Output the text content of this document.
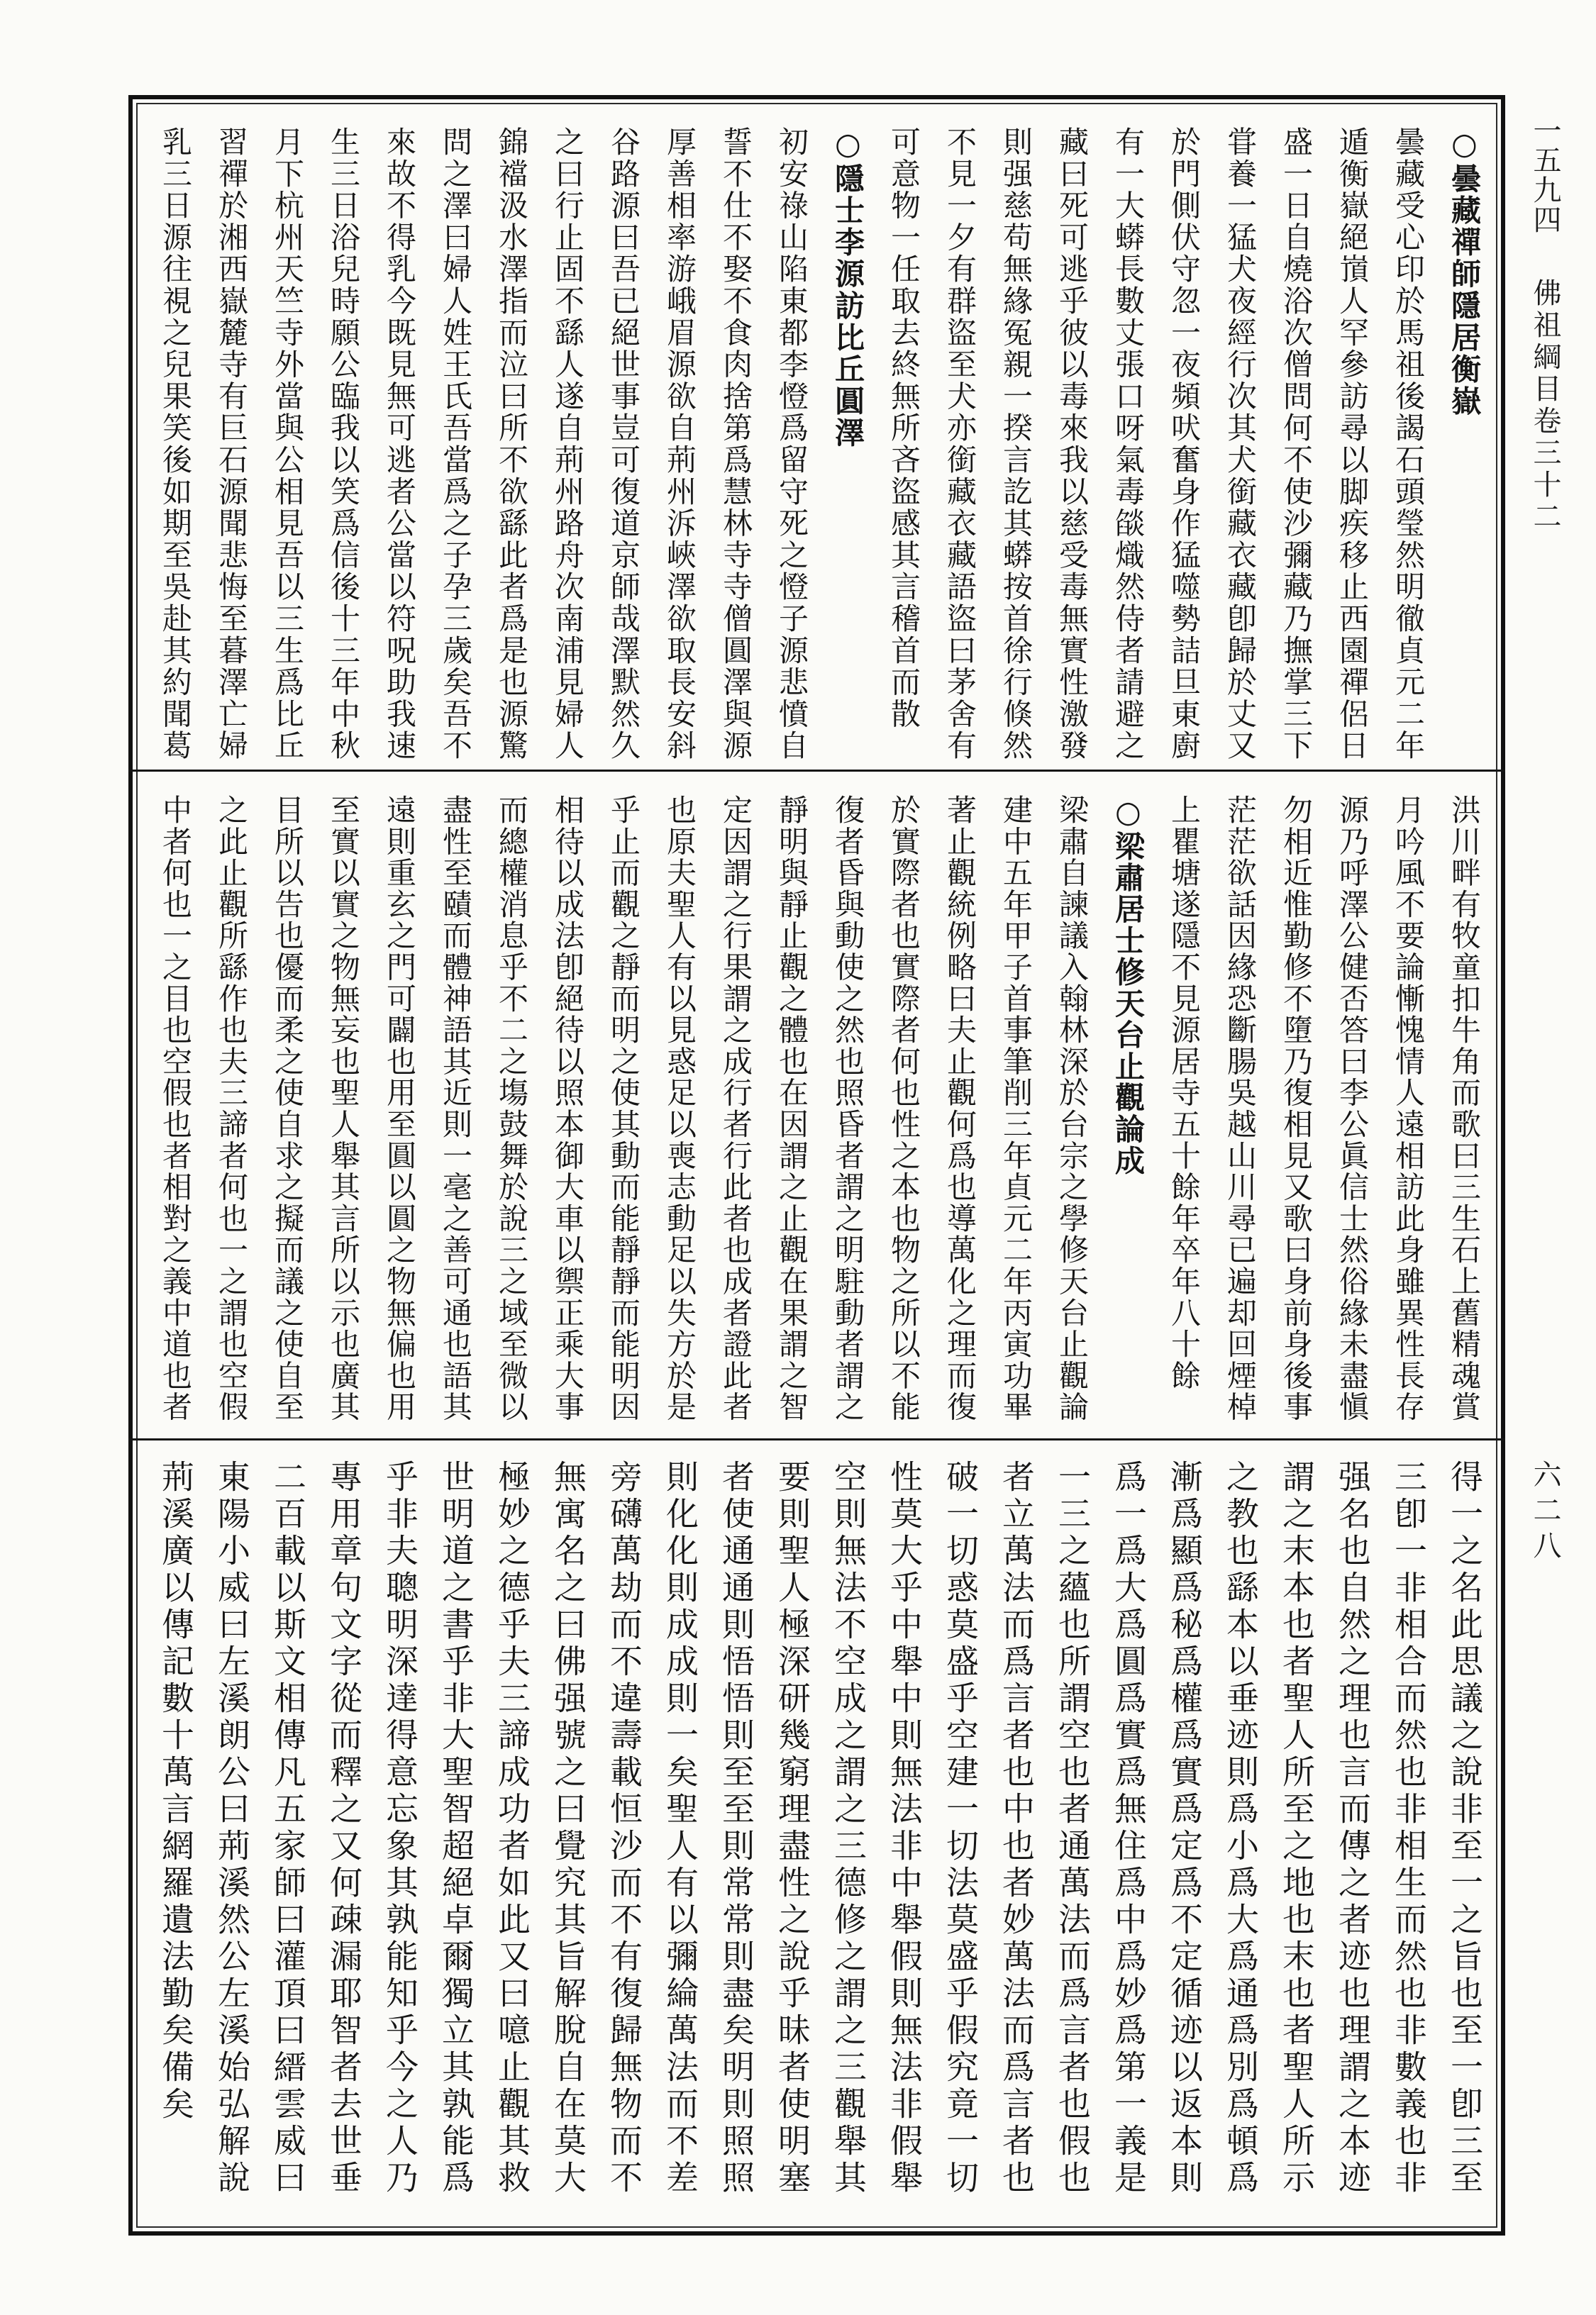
一五九四
佛祖綱目卷三十二
六二八

○曇藏禪師隱居衡嶽

曇藏受心印於馬祖後謁石頭瑩然明徹貞元二年

遁衡嶽絕嵿人罕參訪尋以脚疾移止西園禪侶日

盛一日自燒浴次僧問何不使沙彌藏乃撫掌三下

甞養一猛犬夜經行次其犬銜藏衣藏卽歸於丈又

於門側伏守忽一夜頻吠奮身作猛噬勢詰旦東廚

有一大蟒長數丈張口呀氣毒燄熾然侍者請避之

藏曰死可逃乎彼以毒來我以慈受毒無實性激發

則强慈苟無緣冤親一揆言訖其蟒按首徐行倏然

不見一夕有群盜至犬亦銜藏衣藏語盜曰茅舍有

可意物一任取去終無所吝盜感其言稽首而散

○隱士李源訪比丘圓澤

初安祿山陷東都李憕爲留守死之憕子源悲憤自

誓不仕不娶不食肉捨第爲慧林寺寺僧圓澤與源

厚善相率游峨眉源欲自荊州泝峽澤欲取長安斜

谷路源曰吾已絕世事豈可復道京師哉澤默然久

之曰行止固不繇人遂自荊州路舟次南浦見婦人

錦襠汲水澤指而泣曰所不欲繇此者爲是也源驚

問之澤曰婦人姓王氏吾當爲之子孕三歲矣吾不

來故不得乳今既見無可逃者公當以符呪助我速

生三日浴兒時願公臨我以笑爲信後十三年中秋

月下杭州天竺寺外當與公相見吾以三生爲比丘

習禪於湘西嶽麓寺有巨石源聞悲悔至暮澤亡婦

乳三日源往視之兒果笑後如期至吳赴其約聞葛

洪川畔有牧童扣牛角而歌曰三生石上舊精魂賞

月吟風不要論慚愧情人遠相訪此身雖異性長存

源乃呼澤公健否答曰李公眞信士然俗緣未盡愼

勿相近惟勤修不墮乃復相見又歌曰身前身後事

茫茫欲話因緣恐斷腸吳越山川尋已遍却回煙棹

上瞿塘遂隱不見源居寺五十餘年卒年八十餘

○梁肅居士修天台止觀論成

梁肅自諫議入翰林深於台宗之學修天台止觀論

建中五年甲子首事筆削三年貞元二年丙寅功畢

著止觀統例略曰夫止觀何爲也導萬化之理而復

於實際者也實際者何也性之本也物之所以不能

復者昏與動使之然也照昏者謂之明駐動者謂之

靜明與靜止觀之體也在因謂之止觀在果謂之智

定因謂之行果謂之成行者行此者也成者證此者

也原夫聖人有以見惑足以喪志動足以失方於是

乎止而觀之靜而明之使其動而能靜靜而能明因

相待以成法卽絕待以照本御大車以禦正乘大事

而總權消息乎不二之塲鼓舞於說三之域至微以

盡性至賾而體神語其近則一毫之善可通也語其

遠則重玄之門可闢也用至圓以圓之物無偏也用

至實以實之物無妄也聖人舉其言所以示也廣其

目所以告也優而柔之使自求之擬而議之使自至

之此止觀所繇作也夫三諦者何也一之謂也空假

中者何也一之目也空假也者相對之義中道也者

得一之名此思議之說非至一之旨也至一卽三至

三卽一非相合而然也非相生而然也非數義也非

强名也自然之理也言而傳之者迹也理謂之本迹

謂之末本也者聖人所至之地也末也者聖人所示

之教也繇本以垂迹則爲小爲大爲通爲別爲頓爲

漸爲顯爲秘爲權爲實爲定爲不定循迹以返本則

爲一爲大爲圓爲實爲無住爲中爲妙爲第一義是

一三之蘊也所謂空也者通萬法而爲言者也假也

者立萬法而爲言者也中也者妙萬法而爲言者也

破一切惑莫盛乎空建一切法莫盛乎假究竟一切

性莫大乎中舉中則無法非中舉假則無法非假舉

空則無法不空成之謂之三德修之謂之三觀舉其

要則聖人極深研幾窮理盡性之說乎昧者使明塞

者使通通則悟悟則至至則常常則盡矣明則照照

則化化則成成則一矣聖人有以彌綸萬法而不差

旁礴萬劫而不違壽載恒沙而不有復歸無物而不

無寓名之曰佛强號之曰覺究其旨解脫自在莫大

極妙之德乎夫三諦成功者如此又曰噫止觀其救

世明道之書乎非大聖智超絕卓爾獨立其孰能爲

乎非夫聰明深達得意忘象其孰能知乎今之人乃

專用章句文字從而釋之又何疎漏耶智者去世垂

二百載以斯文相傳凡五家師曰灌頂曰縉雲威曰

東陽小威曰左溪朗公曰荊溪然公左溪始弘解說

荊溪廣以傳記數十萬言網羅遺法勤矣備矣
